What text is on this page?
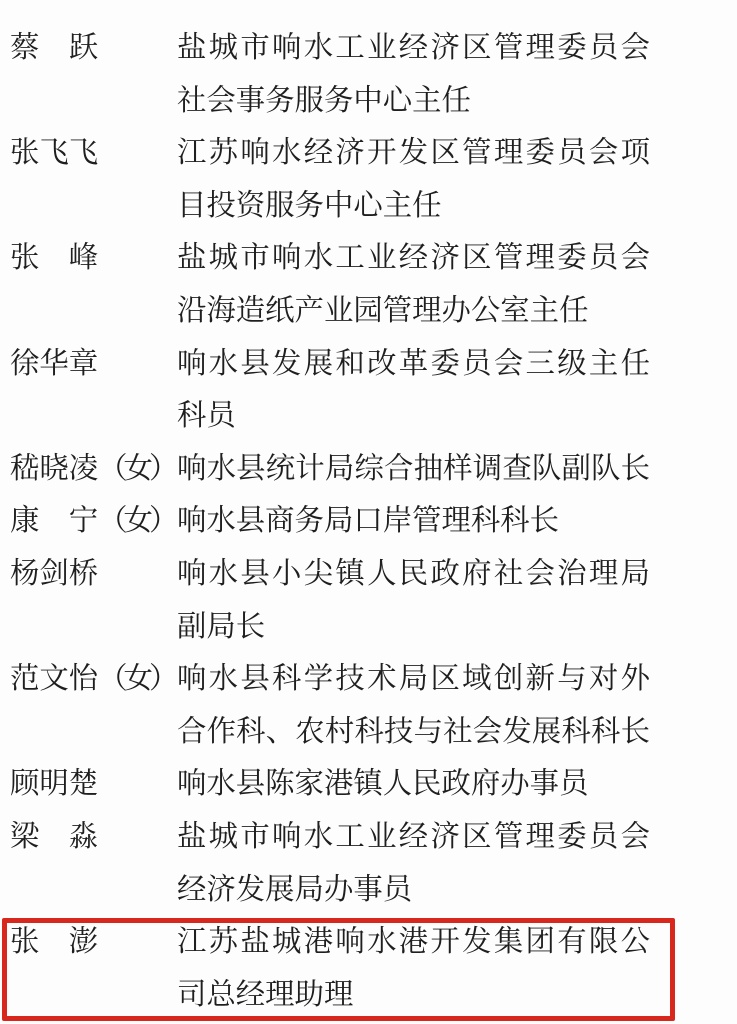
蔡　跃	盐城市响水工业经济区管理委员会
社会事务服务中心主任
张飞飞	江苏响水经济开发区管理委员会项
目投资服务中心主任
张　峰	盐城市响水工业经济区管理委员会
沿海造纸产业园管理办公室主任
徐华章	响水县发展和改革委员会三级主任
科员
嵇晓凌（女） 响水县统计局综合抽样调查队副队长
康　宁（女） 响水县商务局口岸管理科科长
杨剑桥	响水县小尖镇人民政府社会治理局
副局长
范文怡（女） 响水县科学技术局区域创新与对外
合作科、农村科技与社会发展科科长
顾明楚	响水县陈家港镇人民政府办事员
梁　淼	盐城市响水工业经济区管理委员会
经济发展局办事员
张　澎	江苏盐城港响水港开发集团有限公
司总经理助理
